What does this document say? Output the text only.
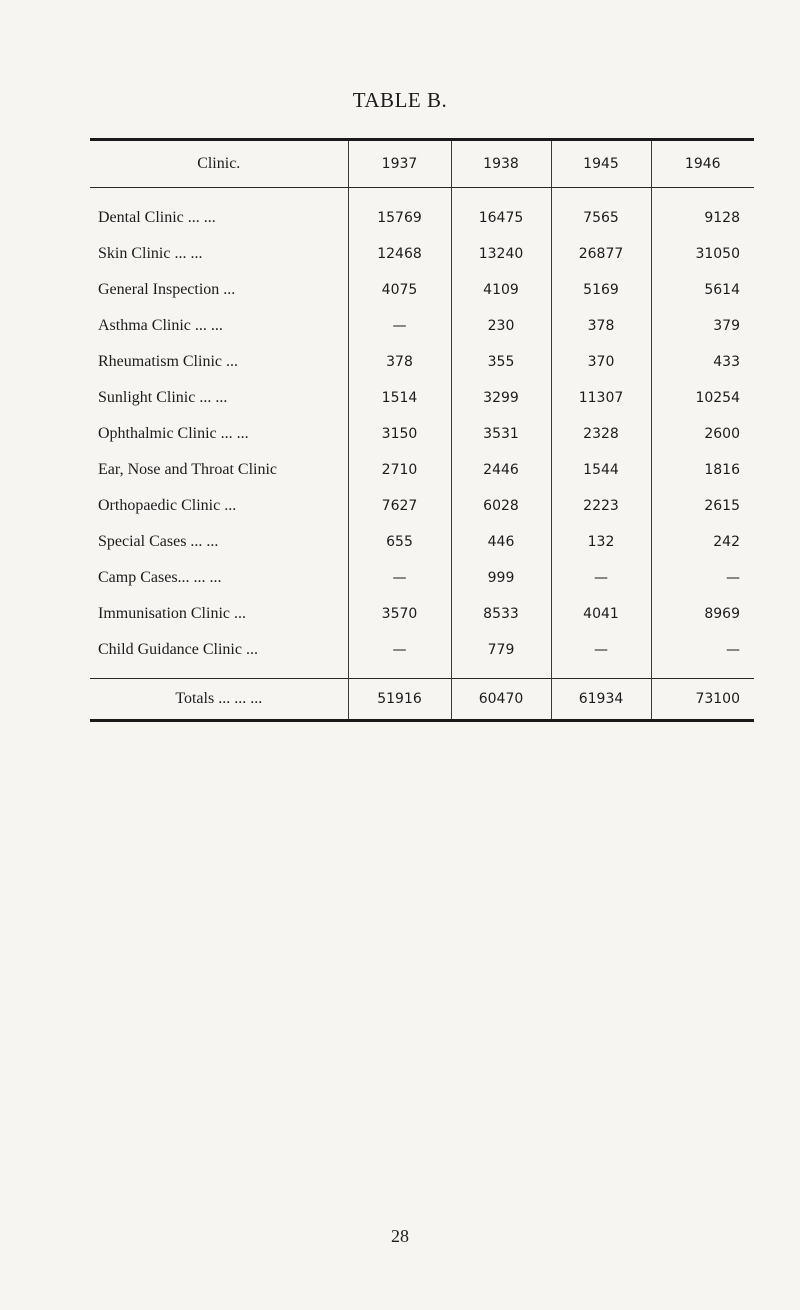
TABLE B.
Clinic.	1937	1938	1945	1946
Dental Clinic ... ...	15769	16475	7565	9128
Skin Clinic ... ...	12468	13240	26877	31050
General Inspection ...	4075	4109	5169	5614
Asthma Clinic ... ...	—	230	378	379
Rheumatism Clinic ...	378	355	370	433
Sunlight Clinic ... ...	1514	3299	11307	10254
Ophthalmic Clinic ... ...	3150	3531	2328	2600
Ear, Nose and Throat Clinic	2710	2446	1544	1816
Orthopaedic Clinic ...	7627	6028	2223	2615
Special Cases ... ...	655	446	132	242
Camp Cases... ... ...	—	999	—	—
Immunisation Clinic ...	3570	8533	4041	8969
Child Guidance Clinic ...	—	779	—	—
Totals ... ... ...	51916	60470	61934	73100
28
